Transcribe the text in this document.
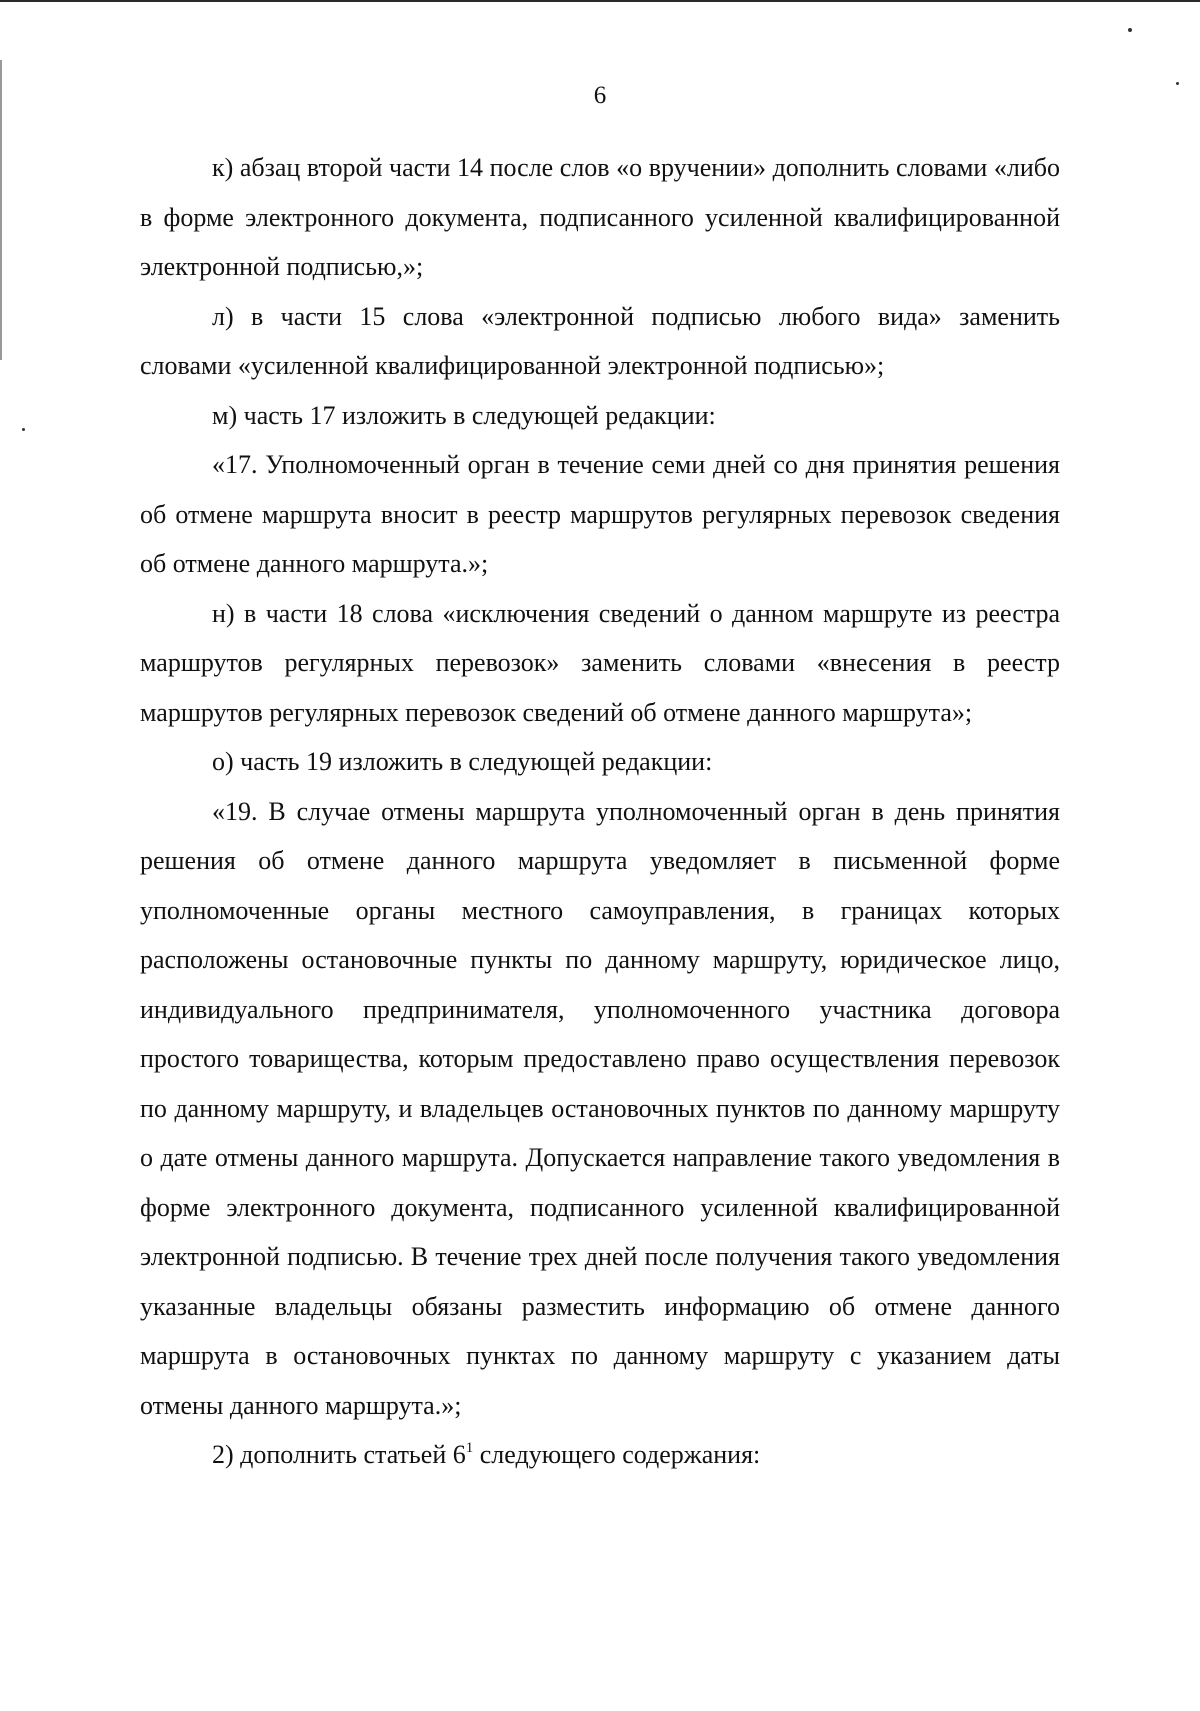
6

к) абзац второй части 14 после слов «о вручении» дополнить словами «либо в форме электронного документа, подписанного усиленной квалифицированной электронной подписью,»;

л) в части 15 слова «электронной подписью любого вида» заменить словами «усиленной квалифицированной электронной подписью»;

м) часть 17 изложить в следующей редакции:

«17. Уполномоченный орган в течение семи дней со дня принятия решения об отмене маршрута вносит в реестр маршрутов регулярных перевозок сведения об отмене данного маршрута.»;

н) в части 18 слова «исключения сведений о данном маршруте из реестра маршрутов регулярных перевозок» заменить словами «внесения в реестр маршрутов регулярных перевозок сведений об отмене данного маршрута»;

о) часть 19 изложить в следующей редакции:

«19. В случае отмены маршрута уполномоченный орган в день принятия решения об отмене данного маршрута уведомляет в письменной форме уполномоченные органы местного самоуправления, в границах которых расположены остановочные пункты по данному маршруту, юридическое лицо, индивидуального предпринимателя, уполномоченного участника договора простого товарищества, которым предоставлено право осуществления перевозок по данному маршруту, и владельцев остановочных пунктов по данному маршруту о дате отмены данного маршрута. Допускается направление такого уведомления в форме электронного документа, подписанного усиленной квалифицированной электронной подписью. В течение трех дней после получения такого уведомления указанные владельцы обязаны разместить информацию об отмене данного маршрута в остановочных пунктах по данному маршруту с указанием даты отмены данного маршрута.»;

2) дополнить статьей $6^1$ следующего содержания:
